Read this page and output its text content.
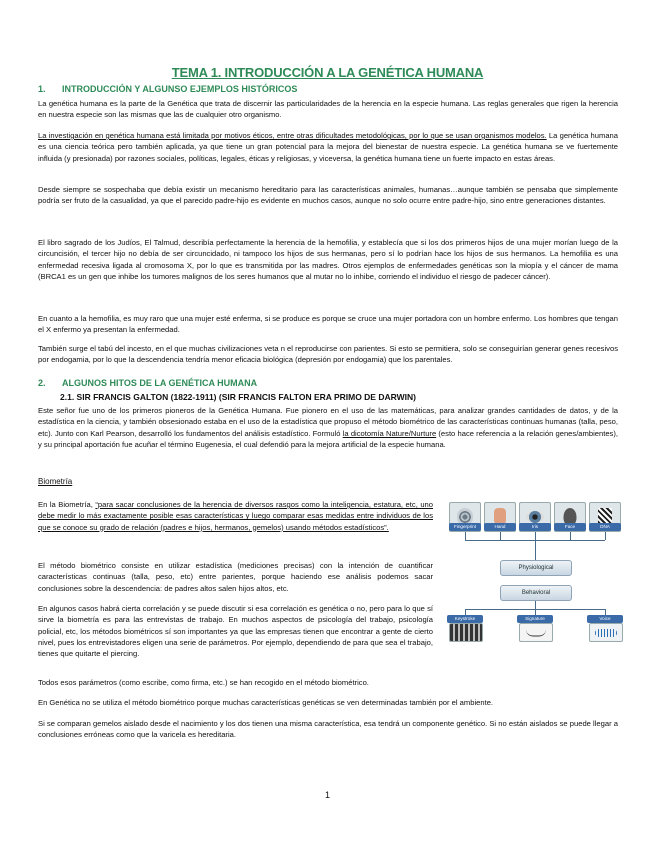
TEMA 1. INTRODUCCIÓN A LA GENÉTICA HUMANA
1. INTRODUCCIÓN Y ALGUNSO EJEMPLOS HISTÓRICOS
La genética humana es la parte de la Genética que trata de discernir las particularidades de la herencia en la especie humana. Las reglas generales que rigen la herencia en nuestra especie son las mismas que las de cualquier otro organismo.
La investigación en genética humana está limitada por motivos éticos, entre otras dificultades metodológicas, por lo que se usan organismos modelos. La genética humana es una ciencia teórica pero también aplicada, ya que tiene un gran potencial para la mejora del bienestar de nuestra especie. La genética humana se ve fuertemente influida (y presionada) por razones sociales, políticas, legales, éticas y religiosas, y viceversa, la genética humana tiene un fuerte impacto en estas áreas.
Desde siempre se sospechaba que debía existir un mecanismo hereditario para las características animales, humanas…aunque también se pensaba que simplemente podría ser fruto de la casualidad, ya que el parecido padre-hijo es evidente en muchos casos, aunque no solo ocurre entre padre-hijo, sino entre generaciones distantes.
El libro sagrado de los Judíos, El Talmud, describía perfectamente la herencia de la hemofilia, y establecía que si los dos primeros hijos de una mujer morían luego de la circuncisión, el tercer hijo no debía de ser circuncidado, ni tampoco los hijos de sus hermanas, pero sí lo podrían hace los hijos de sus hermanos. La hemofilia es una enfermedad recesiva ligada al cromosoma X, por lo que es transmitida por las madres. Otros ejemplos de enfermedades genéticas son la miopía y el cáncer de mama (BRCA1 es un gen que inhibe los tumores malignos de los seres humanos que al mutar no lo inhibe, corriendo el individuo el riesgo de padecer cáncer).
En cuanto a la hemofilia, es muy raro que una mujer esté enferma, si se produce es porque se cruce una mujer portadora con un hombre enfermo. Los hombres que tengan el X enfermo ya presentan la enfermedad.
También surge el tabú del incesto, en el que muchas civilizaciones veta n el reproducirse con parientes. Si esto se permitiera, solo se conseguirían generar genes recesivos por endogamia, por lo que la descendencia tendría menor eficacia biológica (depresión por endogamia) que los parentales.
2. ALGUNOS HITOS DE LA GENÉTICA HUMANA
2.1. SIR FRANCIS GALTON (1822-1911) (SIR FRANCIS FALTON ERA PRIMO DE DARWIN)
Este señor fue uno de los primeros pioneros de la Genética Humana. Fue pionero en el uso de las matemáticas, para analizar grandes cantidades de datos, y de la estadística en la ciencia, y también obsesionado estaba en el uso de la estadística que propuso el método biométrico de las características continuas humanas (talla, peso, etc). Junto con Karl Pearson, desarrolló los fundamentos del análisis estadístico. Formuló la dicotomía Nature/Nurture (esto hace referencia a la relación genes/ambientes), y su principal aportación fue acuñar el término Eugenesia, el cual defendió para la mejora artificial de la especie humana.
Biometría
En la Biometría, “para sacar conclusiones de la herencia de diversos rasgos como la inteligencia, estatura, etc, uno debe medir lo más exactamente posible esas características y luego comparar esas medidas entre individuos de los que se conoce su grado de relación (padres e hijos, hermanos, gemelos) usando métodos estadísticos”.
El método biométrico consiste en utilizar estadística (mediciones precisas) con la intención de cuantificar características continuas (talla, peso, etc) entre parientes, porque haciendo ese análisis podemos sacar conclusiones sobre la descendencia: de padres altos salen hijos altos, etc.
En algunos casos habrá cierta correlación y se puede discutir si esa correlación es genética o no, pero para lo que sí sirve la biometría es para las entrevistas de trabajo. En muchos aspectos de psicología del trabajo, psicología policial, etc, los métodos biométricos sí son importantes ya que las empresas tienen que encontrar a gente de cierto nivel, pues los entrevistadores eligen una serie de parámetros. Por ejemplo, dependiendo de para que sea el trabajo, tienes que quitarte el piercing.
Todos esos parámetros (como escribe, como firma, etc.) se han recogido en el método biométrico.
En Genética no se utiliza el método biométrico porque muchas características genéticas se ven determinadas también por el ambiente.
Si se comparan gemelos aislado desde el nacimiento y los dos tienen una misma característica, esa tendrá un componente genético. Si no están aislados se puede llegar a conclusiones erróneas como que la varicela es hereditaria.
Fingerprint	Hand	Iris	Face	DNA
Physiological
Behavioral
Keystroke	Signature	Voice
1
